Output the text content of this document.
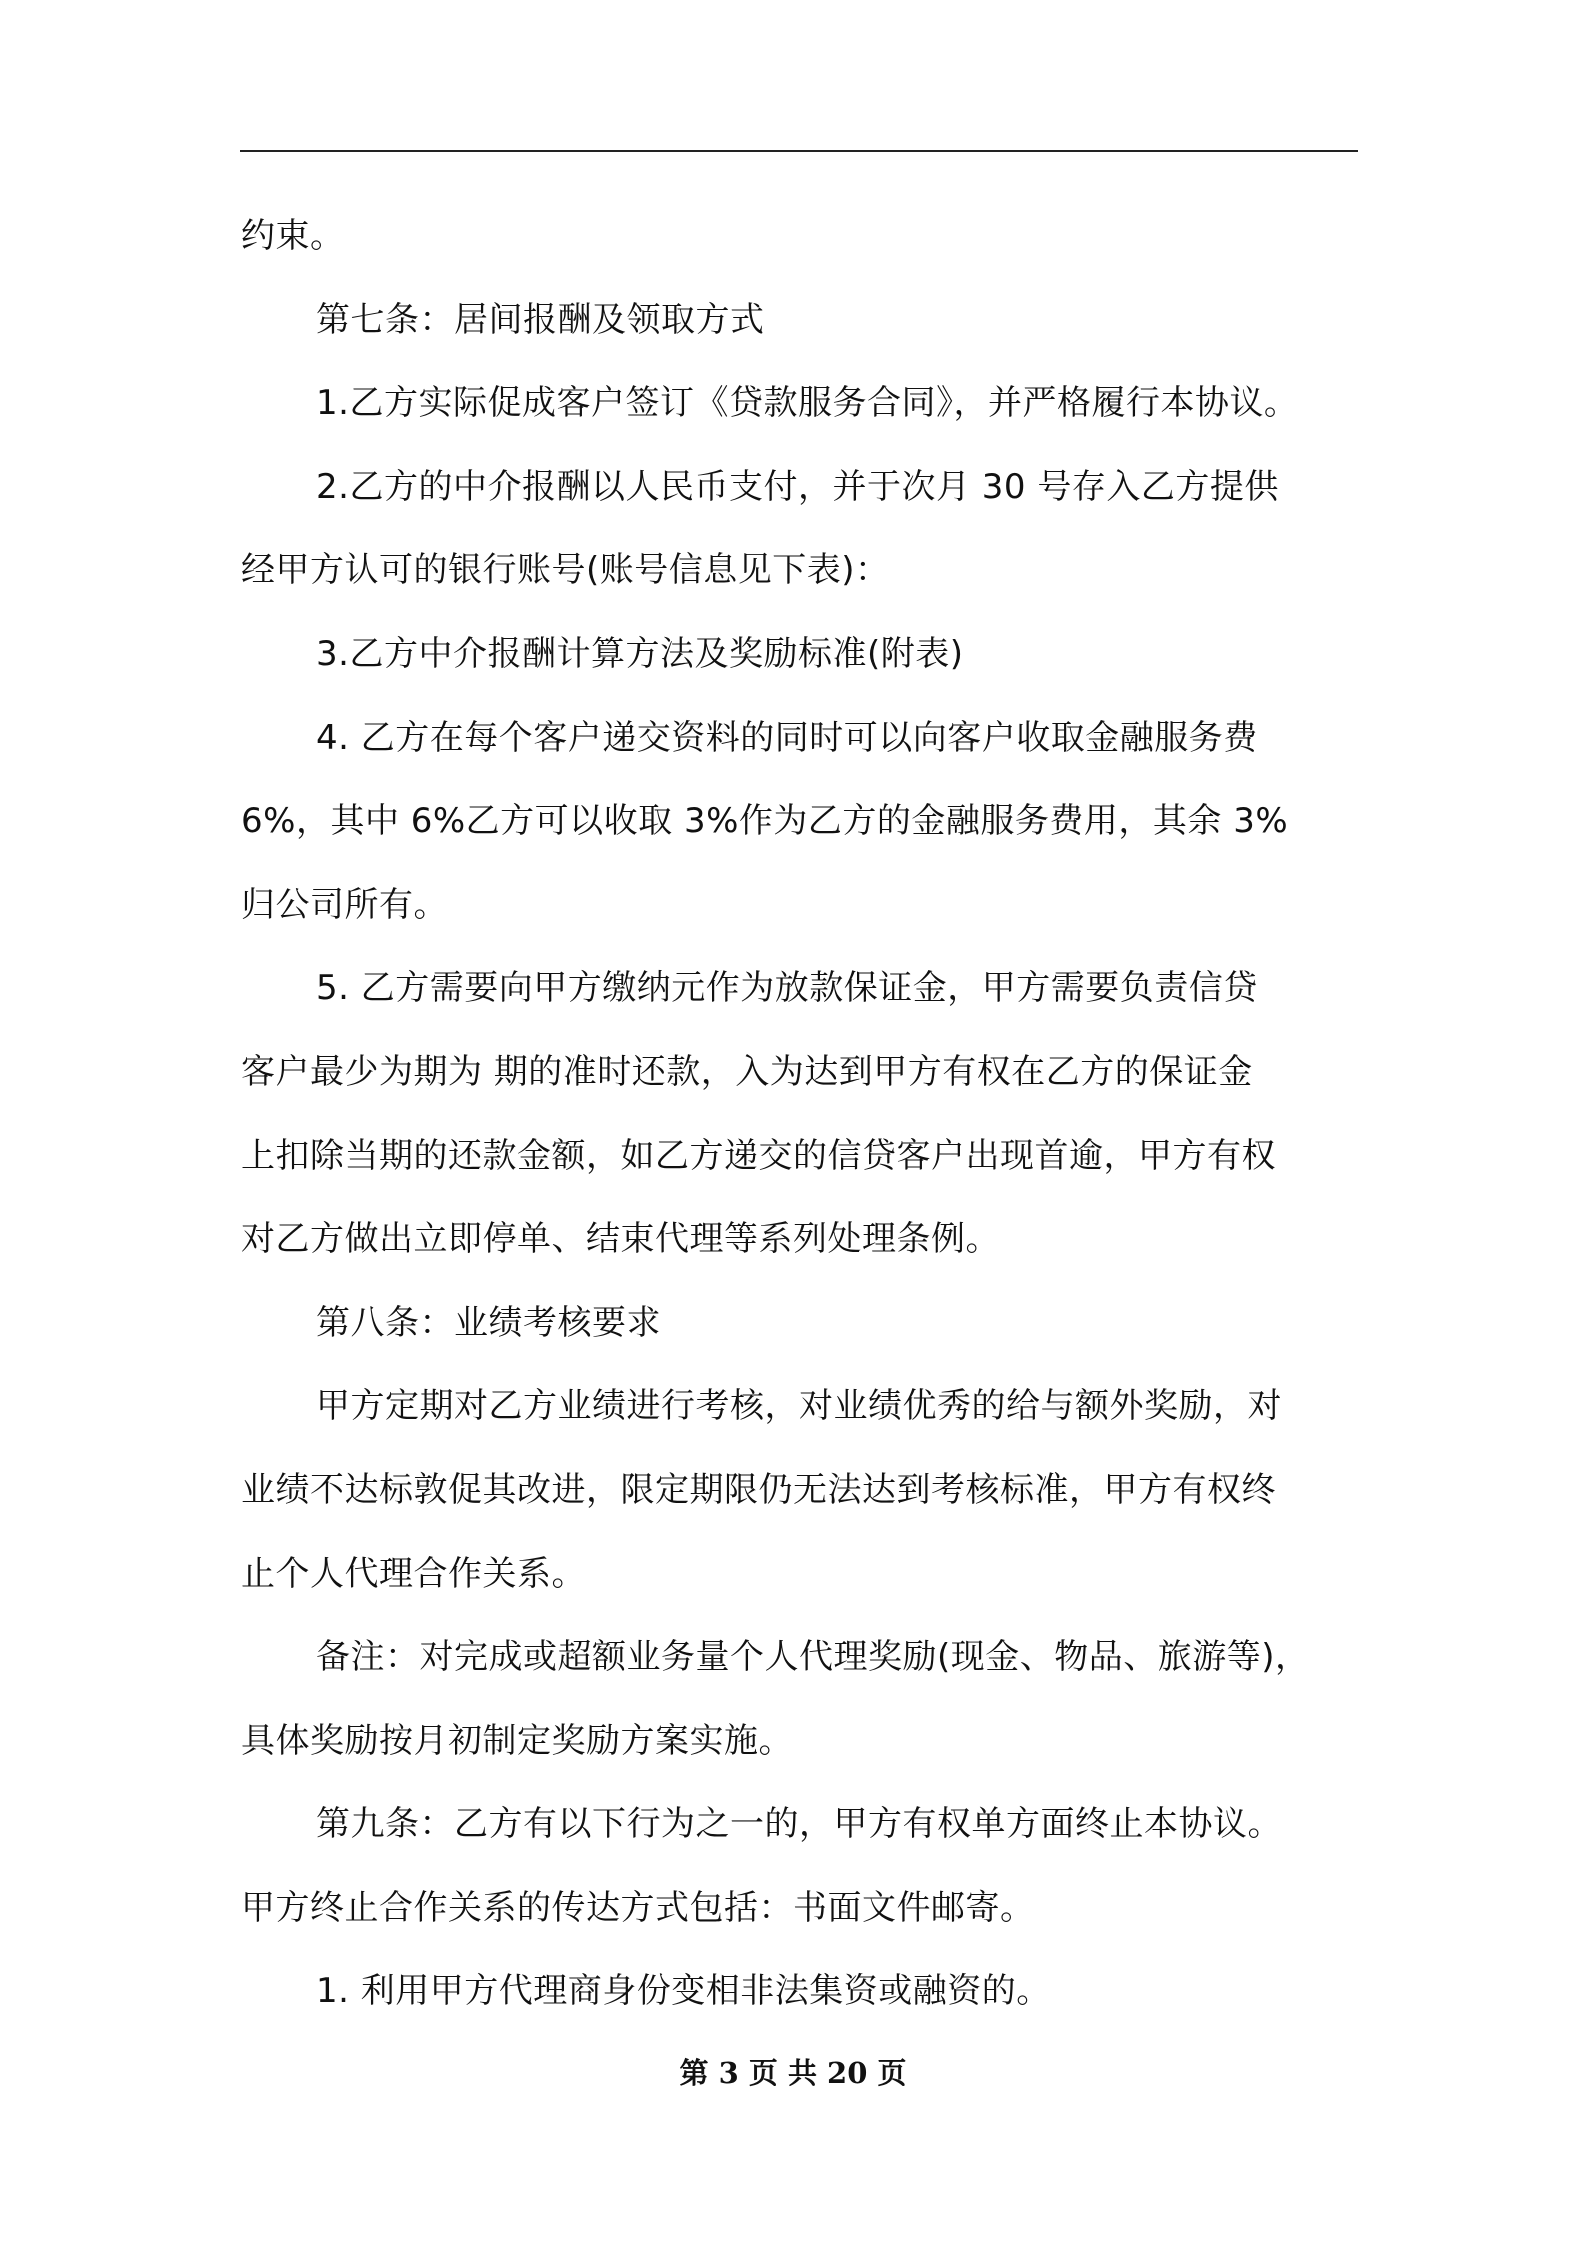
约束。

第七条：居间报酬及领取方式

1.乙方实际促成客户签订《贷款服务合同》，并严格履行本协议。

2.乙方的中介报酬以人民币支付，并于次月 30 号存入乙方提供

经甲方认可的银行账号(账号信息见下表)：

3.乙方中介报酬计算方法及奖励标准(附表)

4. 乙方在每个客户递交资料的同时可以向客户收取金融服务费

6%，其中 6%乙方可以收取 3%作为乙方的金融服务费用，其余 3%

归公司所有。

5. 乙方需要向甲方缴纳元作为放款保证金，甲方需要负责信贷

客户最少为期为 期的准时还款，入为达到甲方有权在乙方的保证金

上扣除当期的还款金额，如乙方递交的信贷客户出现首逾，甲方有权

对乙方做出立即停单、结束代理等系列处理条例。

第八条：业绩考核要求

甲方定期对乙方业绩进行考核，对业绩优秀的给与额外奖励，对

业绩不达标敦促其改进，限定期限仍无法达到考核标准，甲方有权终

止个人代理合作关系。

备注：对完成或超额业务量个人代理奖励(现金、物品、旅游等)，

具体奖励按月初制定奖励方案实施。

第九条：乙方有以下行为之一的，甲方有权单方面终止本协议。

甲方终止合作关系的传达方式包括：书面文件邮寄。

1. 利用甲方代理商身份变相非法集资或融资的。

第 3 页 共 20 页
